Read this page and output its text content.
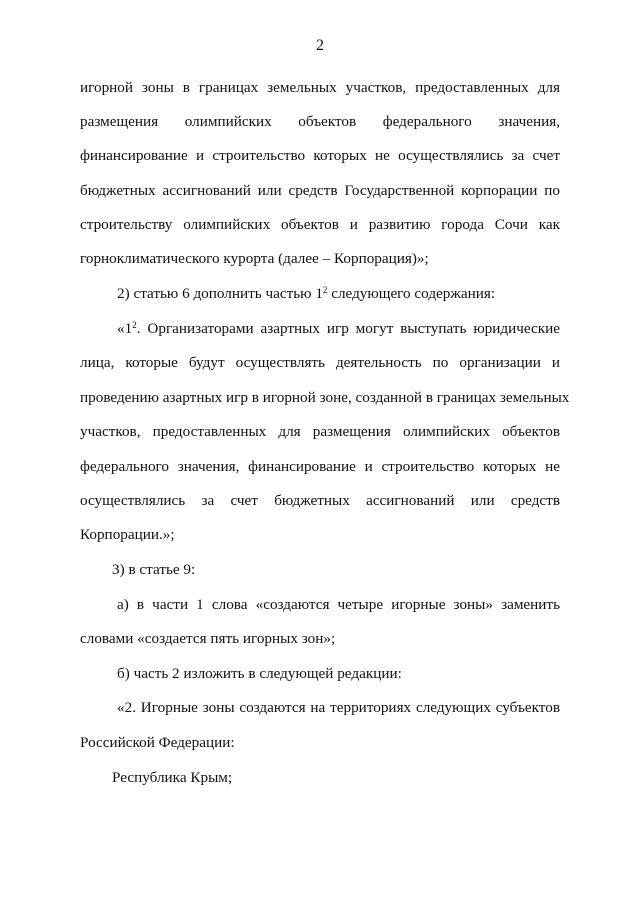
2
игорной зоны в границах земельных участков, предоставленных для
размещения олимпийских объектов федерального значения,
финансирование и строительство которых не осуществлялись за счет
бюджетных ассигнований или средств Государственной корпорации по
строительству олимпийских объектов и развитию города Сочи как
горноклиматического курорта (далее – Корпорация)»;
2) статью 6 дополнить частью $1^2$ следующего содержания:
«$1^2$. Организаторами азартных игр могут выступать юридические
лица, которые будут осуществлять деятельность по организации и
проведению азартных игр в игорной зоне, созданной в границах земельных
участков, предоставленных для размещения олимпийских объектов
федерального значения, финансирование и строительство которых не
осуществлялись за счет бюджетных ассигнований или средств
Корпорации.»;
3) в статье 9:
а) в части 1 слова «создаются четыре игорные зоны» заменить
словами «создается пять игорных зон»;
б) часть 2 изложить в следующей редакции:
«2. Игорные зоны создаются на территориях следующих субъектов
Российской Федерации:
Республика Крым;
